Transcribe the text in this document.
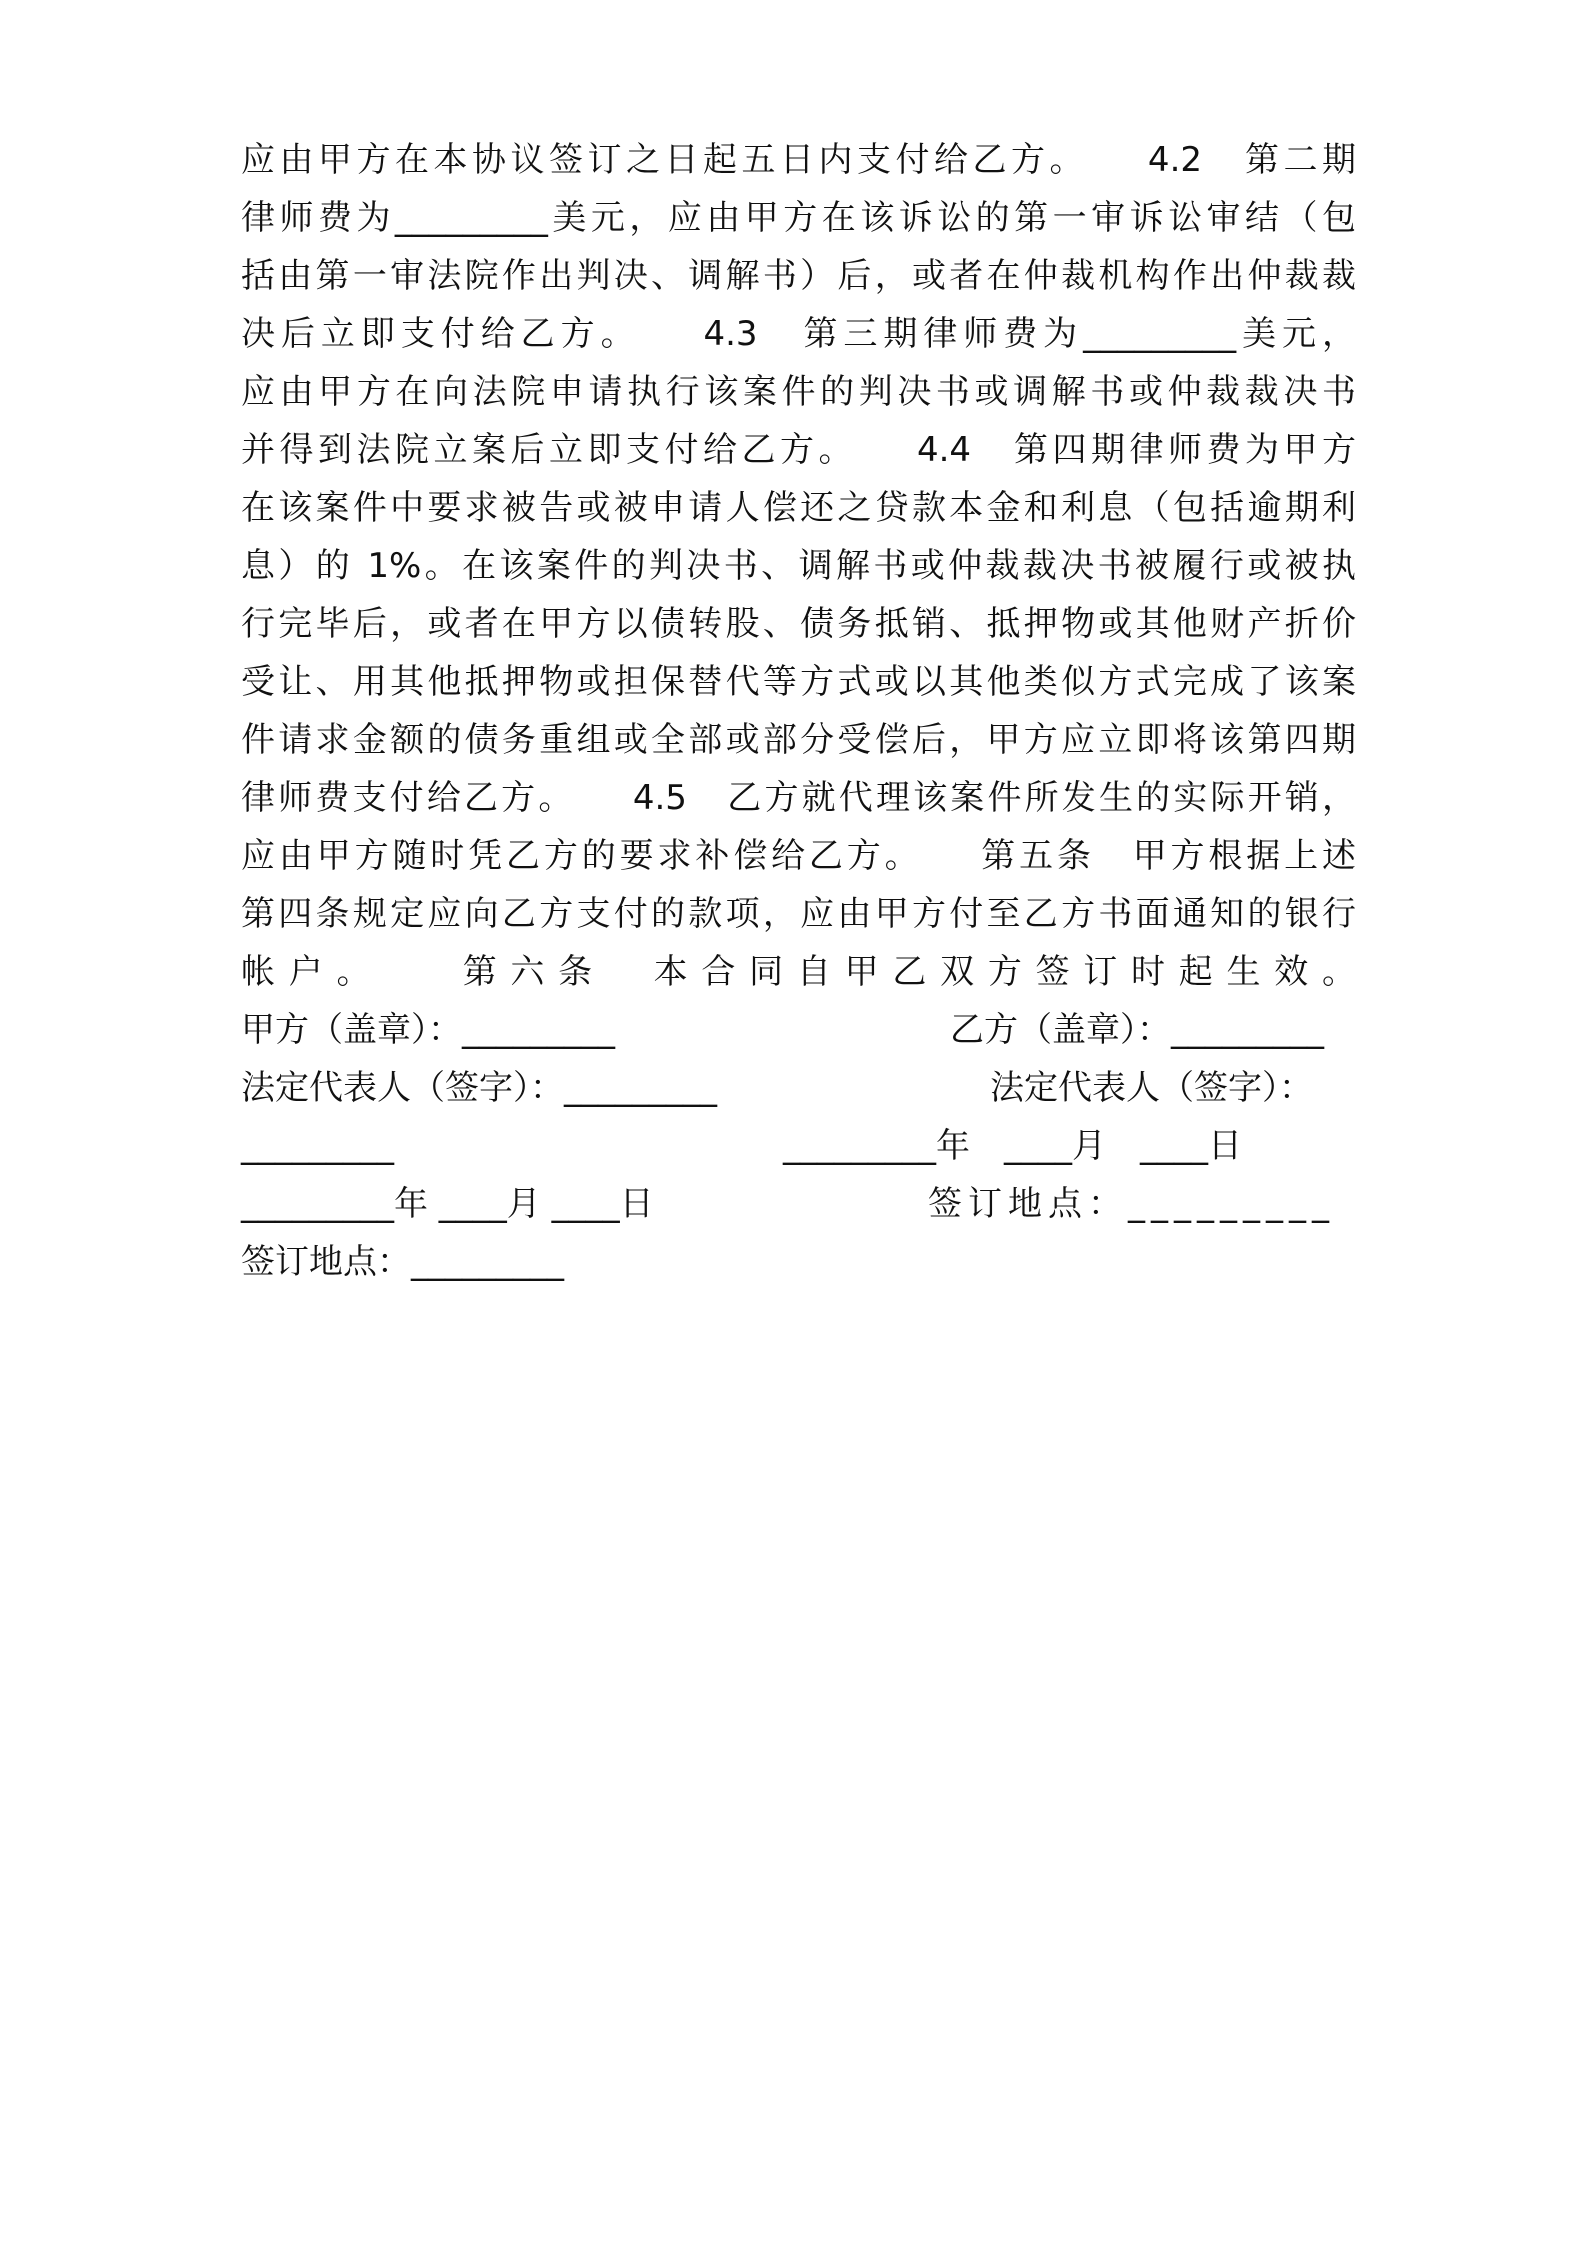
应由甲方在本协议签订之日起五日内支付给乙方。　　4.2　第二期
律师费为_________美元，应由甲方在该诉讼的第一审诉讼审结（包
括由第一审法院作出判决、调解书）后，或者在仲裁机构作出仲裁裁
决后立即支付给乙方。　　4.3　第三期律师费为_________美元，
应由甲方在向法院申请执行该案件的判决书或调解书或仲裁裁决书
并得到法院立案后立即支付给乙方。　　4.4　第四期律师费为甲方
在该案件中要求被告或被申请人偿还之贷款本金和利息（包括逾期利
息）的 1%。在该案件的判决书、调解书或仲裁裁决书被履行或被执
行完毕后，或者在甲方以债转股、债务抵销、抵押物或其他财产折价
受让、用其他抵押物或担保替代等方式或以其他类似方式完成了该案
件请求金额的债务重组或全部或部分受偿后，甲方应立即将该第四期
律师费支付给乙方。　　4.5　乙方就代理该案件所发生的实际开销，
应由甲方随时凭乙方的要求补偿给乙方。　　第五条　甲方根据上述
第四条规定应向乙方支付的款项，应由甲方付至乙方书面通知的银行
帐户。　　第六条　本合同自甲乙双方签订时起生效。
甲方（盖章）：_________	乙方（盖章）：_________
法定代表人（签字）：_________	法定代表人（签字）：
_________	_________年　____月　____日
_________年 ____月 ____日	签订地点：_________
签订地点：_________
